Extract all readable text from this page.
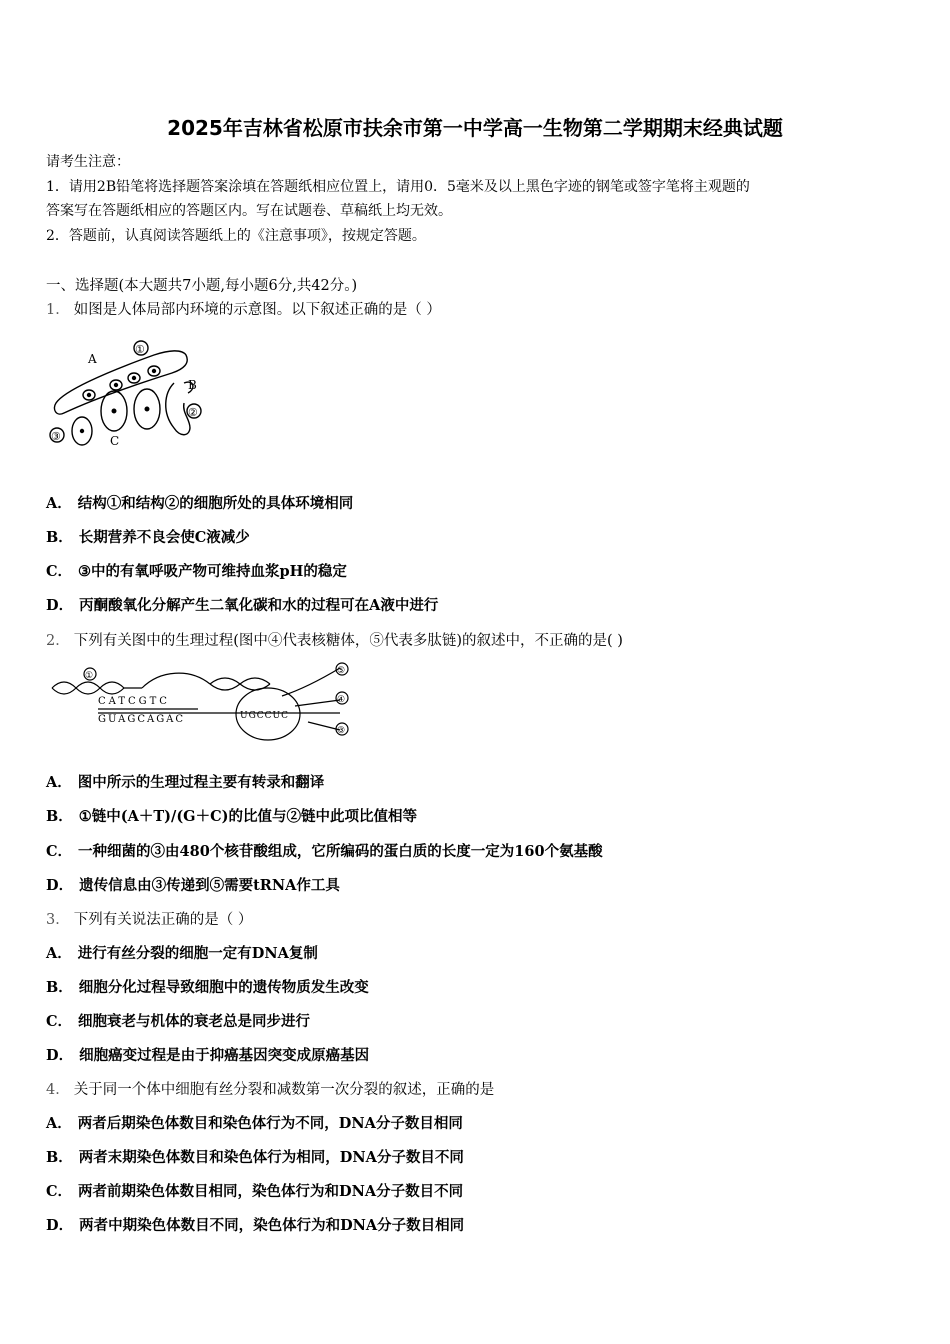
2025年吉林省松原市扶余市第一中学高一生物第二学期期末经典试题
请考生注意：
1．请用2B铅笔将选择题答案涂填在答题纸相应位置上，请用0．5毫米及以上黑色字迹的钢笔或签字笔将主观题的
答案写在答题纸相应的答题区内。写在试题卷、草稿纸上均无效。
2．答题前，认真阅读答题纸上的《注意事项》，按规定答题。
一、选择题(本大题共7小题,每小题6分,共42分。)
1． 如图是人体局部内环境的示意图。以下叙述正确的是（ ）
A
①
B
②
③	C
A． 结构①和结构②的细胞所处的具体环境相同
B． 长期营养不良会使C液减少
C． ③中的有氧呼吸产物可维持血浆pH的稳定
D． 丙酮酸氧化分解产生二氧化碳和水的过程可在A液中进行
2． 下列有关图中的生理过程(图中④代表核糖体，⑤代表多肽链)的叙述中，不正确的是( )
①	⑤
④
③
CATCGTC
GUAGCAGAC	UGCCUC
A． 图中所示的生理过程主要有转录和翻译
B． ①链中(A＋T)/(G＋C)的比值与②链中此项比值相等
C． 一种细菌的③由480个核苷酸组成，它所编码的蛋白质的长度一定为160个氨基酸
D． 遗传信息由③传递到⑤需要tRNA作工具
3． 下列有关说法正确的是（ ）
A． 进行有丝分裂的细胞一定有DNA复制
B． 细胞分化过程导致细胞中的遗传物质发生改变
C． 细胞衰老与机体的衰老总是同步进行
D． 细胞癌变过程是由于抑癌基因突变成原癌基因
4． 关于同一个体中细胞有丝分裂和减数第一次分裂的叙述，正确的是
A． 两者后期染色体数目和染色体行为不同，DNA分子数目相同
B． 两者末期染色体数目和染色体行为相同，DNA分子数目不同
C． 两者前期染色体数目相同，染色体行为和DNA分子数目不同
D． 两者中期染色体数目不同，染色体行为和DNA分子数目相同
